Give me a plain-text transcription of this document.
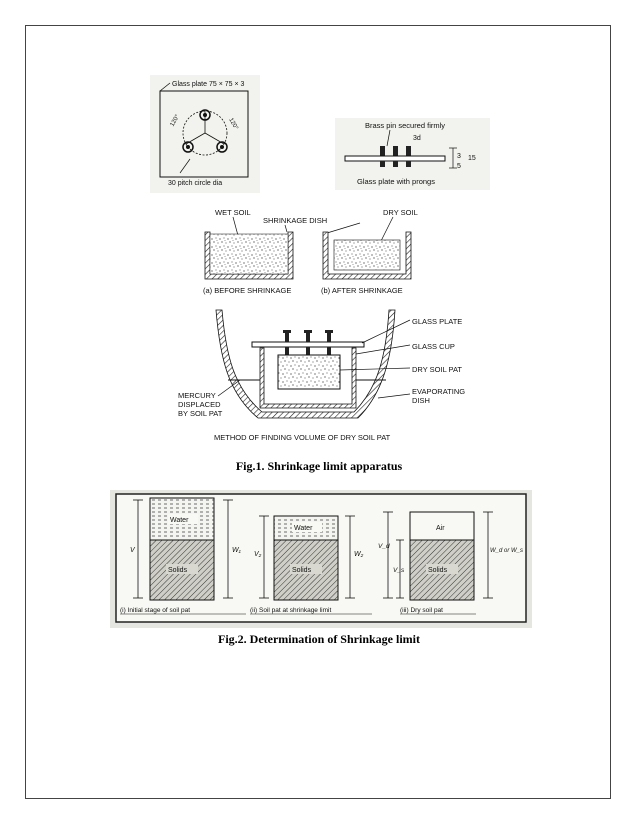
Glass plate 75 × 75 × 3
120°	120°
30 pitch circle dia
Brass pin secured firmly
3d
3 15
5
Glass plate with prongs
WET SOIL
SHRINKAGE DISH
DRY SOIL
(a) BEFORE SHRINKAGE	(b) AFTER SHRINKAGE
GLASS PLATE
GLASS CUP
DRY SOIL PAT
EVAPORATING
DISH
MERCURY
DISPLACED
BY SOIL PAT
METHOD OF FINDING VOLUME OF DRY SOIL PAT
Fig.1. Shrinkage limit apparatus
Water
Solids
V	W₁
(i) Initial stage of soil pat
Water
Solids
V₂	W₂
(ii) Soil pat at shrinkage limit
Air
Solids
V_d
V_s
W_d or W_s
(iii) Dry soil pat
Fig.2. Determination of Shrinkage limit
